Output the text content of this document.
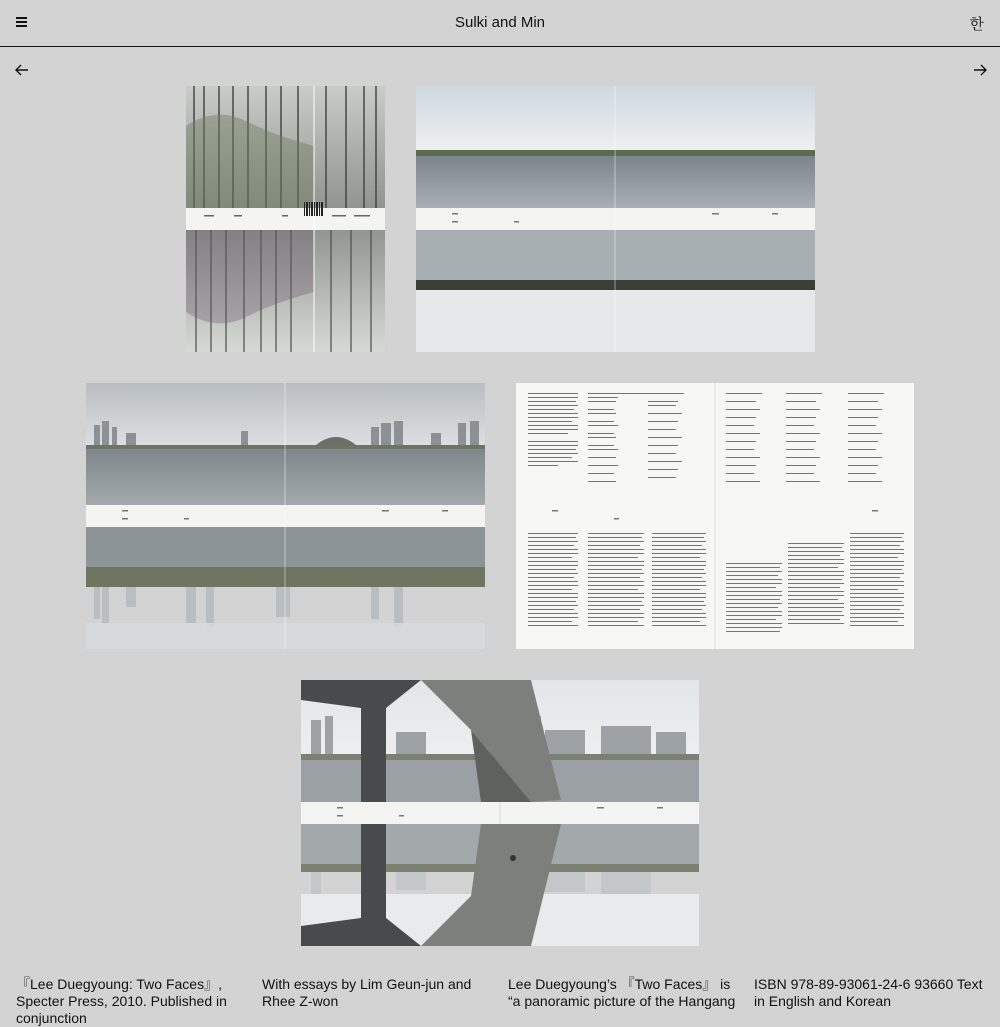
Sulki and Min	한
『Lee Duegyoung: Two Faces』, Specter Press, 2010. Published in conjunction
With essays by Lim Geun-jun and Rhee Z-won
Lee Duegyoung’s 『Two Faces』 is “a panoramic picture of the Hangang
ISBN 978-89-93061-24-6 93660 Text in English and Korean
